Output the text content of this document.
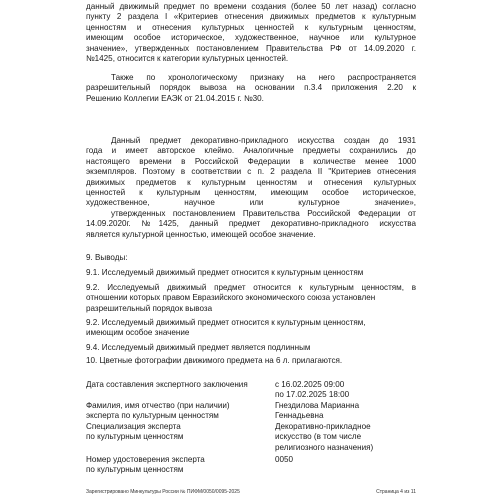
данный движимый предмет по времени создания (более 50 лет назад) согласно
пункту 2 раздела I «Критериев отнесения движимых предметов к культурным
ценностям и отнесения культурных ценностей к культурным ценностям,
имеющим особое историческое, художественное, научное или культурное
значение», утвержденных постановлением Правительства РФ от 14.09.2020 г.
№1425, относится к категории культурных ценностей.
Также по хронологическому признаку на него распространяется
разрешительный порядок вывоза на основании п.3.4 приложения 2.20 к
Решению Коллегии ЕАЭК от 21.04.2015 г. №30.
Данный предмет декоративно-прикладного искусства создан до 1931
года и имеет авторское клеймо. Аналогичные предметы сохранились до
настоящего времени в Российской Федерации в количестве менее 1000
экземпляров. Поэтому в соответствии с п. 2 раздела II "Критериев отнесения
движимых предметов к культурным ценностям и отнесения культурных
ценностей к культурным ценностям, имеющим особое историческое,
художественное, научное или культурное значение»,
утвержденных постановлением Правительства Российской Федерации от
14.09.2020г. №1425, данный предмет декоративно-прикладного искусства
является культурной ценностью, имеющей особое значение.
9. Выводы:
9.1. Исследуемый движимый предмет относится к культурным ценностям
9.2. Исследуемый движимый предмет относится к культурным ценностям, в
отношении которых правом Евразийского экономического союза установлен
разрешительный порядок вывоза
9.2. Исследуемый движимый предмет относится к культурным ценностям,
имеющим особое значение
9.4. Исследуемый движимый предмет является подлинным
10. Цветные фотографии движимого предмета на 6 л. прилагаются.
Дата составления экспертного заключения	с 16.02.2025 09:00
по 17.02.2025 18:00
Фамилия, имя отчество (при наличии)
эксперта по культурным ценностям
Гнездилова Марианна
Геннадьевна
Специализация эксперта
по культурным ценностям
Декоративно-прикладное
искусство (в том числе
религиозного назначения)
Номер удостоверения эксперта
по культурным ценностям
0050
Зарегистрировано Минкультуры России № ПИФМ/0050/0095-2025	Страница 4 из 11
